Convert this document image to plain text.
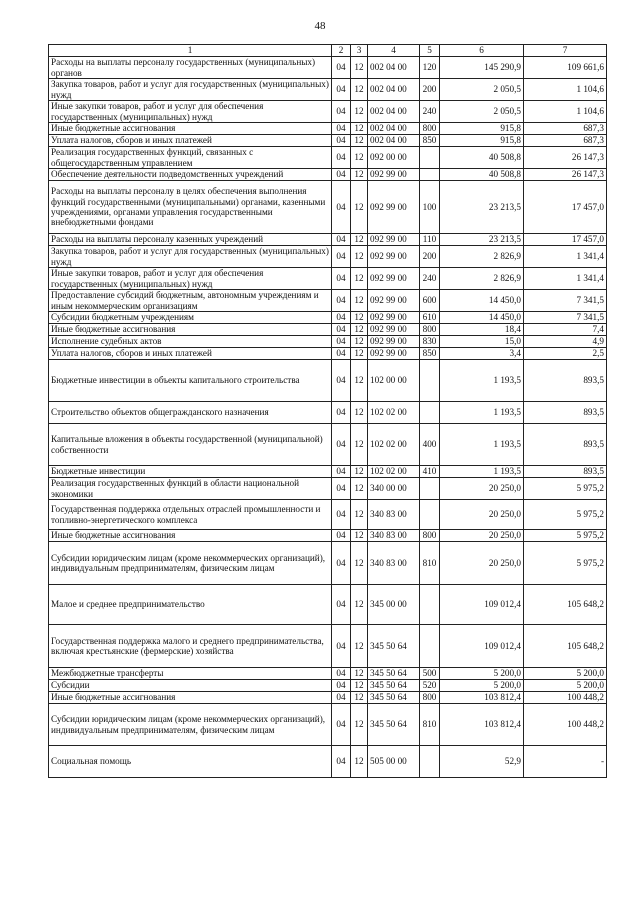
48
1	2	3	4	5	6	7
Расходы на выплаты персоналу государственных (муниципальных) органов	04	12	002 04 00	120	145 290,9	109 661,6
Закупка товаров, работ и услуг для государственных (муниципальных) нужд	04	12	002 04 00	200	2 050,5	1 104,6
Иные закупки товаров, работ и услуг для обеспечения государственных (муниципальных) нужд	04	12	002 04 00	240	2 050,5	1 104,6
Иные бюджетные ассигнования	04	12	002 04 00	800	915,8	687,3
Уплата налогов, сборов и иных платежей	04	12	002 04 00	850	915,8	687,3
Реализация государственных функций, связанных с общегосударственным управлением	04	12	092 00 00		40 508,8	26 147,3
Обеспечение деятельности подведомственных учреждений	04	12	092 99 00		40 508,8	26 147,3
Расходы на выплаты персоналу в целях обеспечения выполнения функций государственными (муниципальными) органами, казенными учреждениями, органами управления государственными внебюджетными фондами	04	12	092 99 00	100	23 213,5	17 457,0
Расходы на выплаты персоналу казенных учреждений	04	12	092 99 00	110	23 213,5	17 457,0
Закупка товаров, работ и услуг для государственных (муниципальных) нужд	04	12	092 99 00	200	2 826,9	1 341,4
Иные закупки товаров, работ и услуг для обеспечения государственных (муниципальных) нужд	04	12	092 99 00	240	2 826,9	1 341,4
Предоставление субсидий бюджетным, автономным учреждениям и иным некоммерческим организациям	04	12	092 99 00	600	14 450,0	7 341,5
Субсидии бюджетным учреждениям	04	12	092 99 00	610	14 450,0	7 341,5
Иные бюджетные ассигнования	04	12	092 99 00	800	18,4	7,4
Исполнение судебных актов	04	12	092 99 00	830	15,0	4,9
Уплата налогов, сборов и иных платежей	04	12	092 99 00	850	3,4	2,5
Бюджетные инвестиции в объекты капитального строительства	04	12	102 00 00		1 193,5	893,5
Строительство объектов общегражданского назначения	04	12	102 02 00		1 193,5	893,5
Капитальные вложения в объекты государственной (муниципальной) собственности	04	12	102 02 00	400	1 193,5	893,5
Бюджетные инвестиции	04	12	102 02 00	410	1 193,5	893,5
Реализация государственных функций в области национальной экономики	04	12	340 00 00		20 250,0	5 975,2
Государственная поддержка отдельных отраслей промышленности и топливно-энергетического комплекса	04	12	340 83 00		20 250,0	5 975,2
Иные бюджетные ассигнования	04	12	340 83 00	800	20 250,0	5 975,2
Субсидии юридическим лицам (кроме некоммерческих организаций), индивидуальным предпринимателям, физическим лицам	04	12	340 83 00	810	20 250,0	5 975,2
Малое и среднее предпринимательство	04	12	345 00 00		109 012,4	105 648,2
Государственная поддержка малого и среднего предпринимательства, включая крестьянские (фермерские) хозяйства	04	12	345 50 64		109 012,4	105 648,2
Межбюджетные трансферты	04	12	345 50 64	500	5 200,0	5 200,0
Субсидии	04	12	345 50 64	520	5 200,0	5 200,0
Иные бюджетные ассигнования	04	12	345 50 64	800	103 812,4	100 448,2
Субсидии юридическим лицам (кроме некоммерческих организаций), индивидуальным предпринимателям, физическим лицам	04	12	345 50 64	810	103 812,4	100 448,2
Социальная помощь	04	12	505 00 00		52,9	-
